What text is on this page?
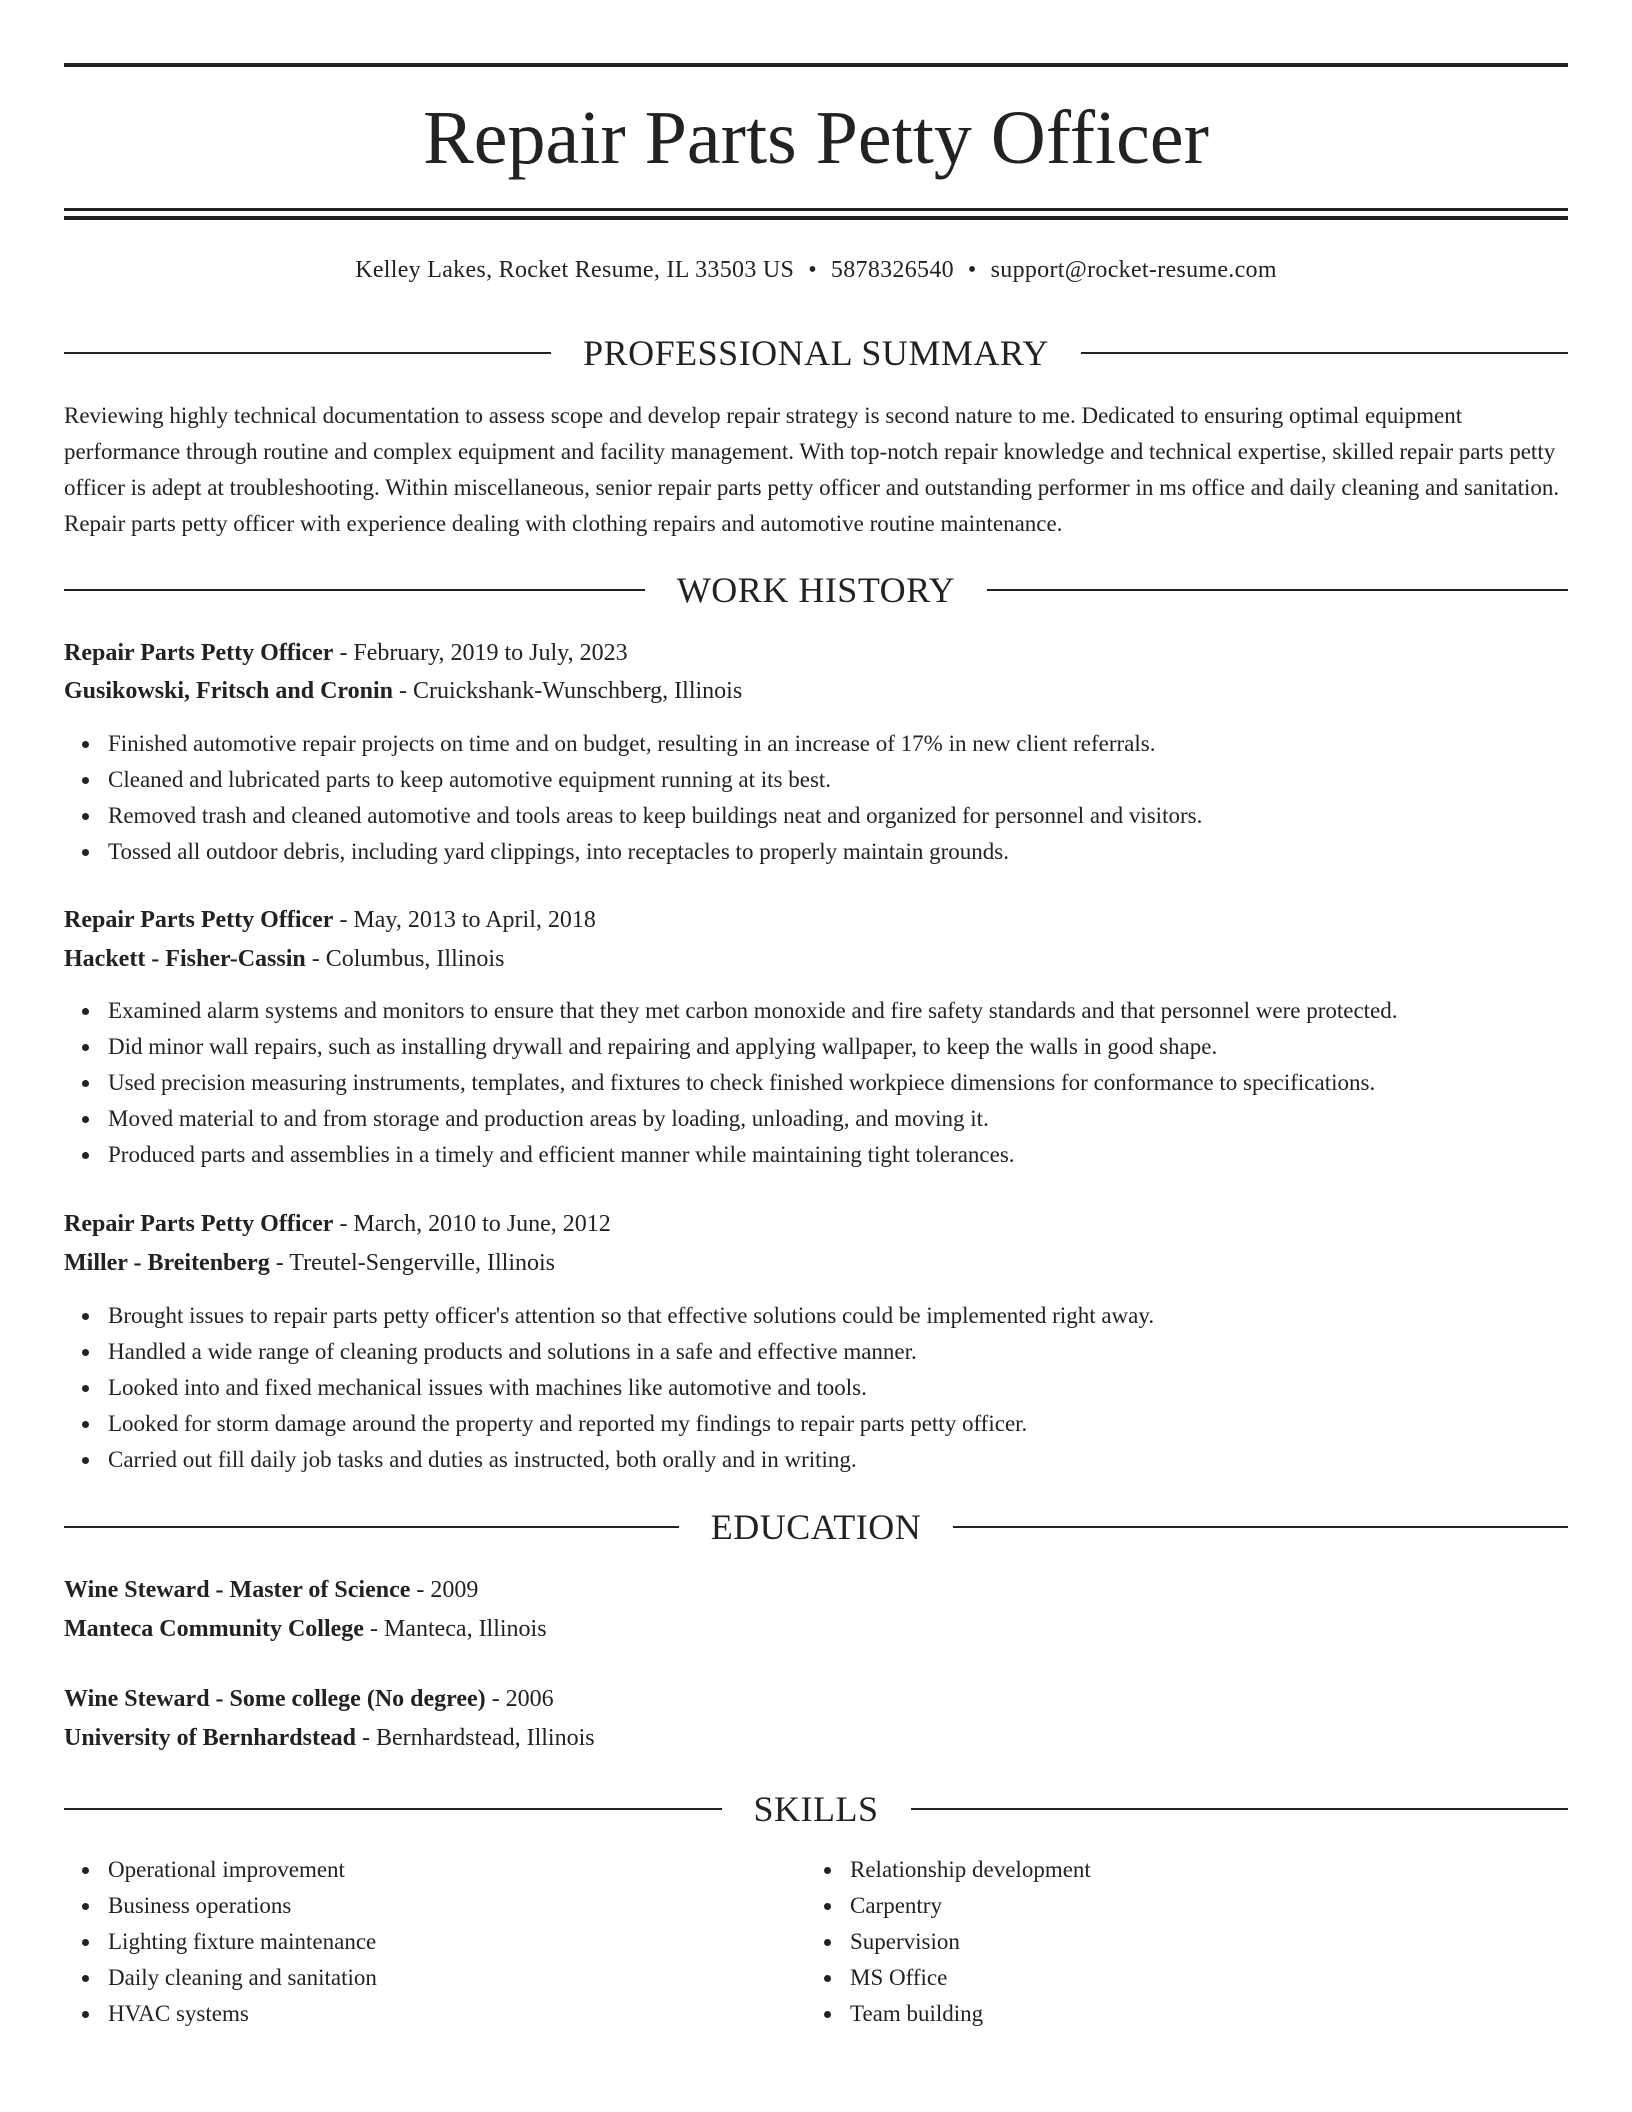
Repair Parts Petty Officer
Kelley Lakes, Rocket Resume, IL 33503 US • 5878326540 • support@rocket-resume.com
PROFESSIONAL SUMMARY

Reviewing highly technical documentation to assess scope and develop repair strategy is second nature to me. Dedicated to ensuring optimal equipment performance through routine and complex equipment and facility management. With top-notch repair knowledge and technical expertise, skilled repair parts petty officer is adept at troubleshooting. Within miscellaneous, senior repair parts petty officer and outstanding performer in ms office and daily cleaning and sanitation. Repair parts petty officer with experience dealing with clothing repairs and automotive routine maintenance.

WORK HISTORY
Repair Parts Petty Officer - February, 2019 to July, 2023
Gusikowski, Fritsch and Cronin - Cruickshank-Wunschberg, Illinois
Finished automotive repair projects on time and on budget, resulting in an increase of 17% in new client referrals.
Cleaned and lubricated parts to keep automotive equipment running at its best.
Removed trash and cleaned automotive and tools areas to keep buildings neat and organized for personnel and visitors.
Tossed all outdoor debris, including yard clippings, into receptacles to properly maintain grounds.
Repair Parts Petty Officer - May, 2013 to April, 2018
Hackett - Fisher-Cassin - Columbus, Illinois
Examined alarm systems and monitors to ensure that they met carbon monoxide and fire safety standards and that personnel were protected.
Did minor wall repairs, such as installing drywall and repairing and applying wallpaper, to keep the walls in good shape.
Used precision measuring instruments, templates, and fixtures to check finished workpiece dimensions for conformance to specifications.
Moved material to and from storage and production areas by loading, unloading, and moving it.
Produced parts and assemblies in a timely and efficient manner while maintaining tight tolerances.
Repair Parts Petty Officer - March, 2010 to June, 2012
Miller - Breitenberg - Treutel-Sengerville, Illinois
Brought issues to repair parts petty officer's attention so that effective solutions could be implemented right away.
Handled a wide range of cleaning products and solutions in a safe and effective manner.
Looked into and fixed mechanical issues with machines like automotive and tools.
Looked for storm damage around the property and reported my findings to repair parts petty officer.
Carried out fill daily job tasks and duties as instructed, both orally and in writing.
EDUCATION
Wine Steward - Master of Science - 2009
Manteca Community College - Manteca, Illinois
Wine Steward - Some college (No degree) - 2006
University of Bernhardstead - Bernhardstead, Illinois
SKILLS
Operational improvement
Business operations
Lighting fixture maintenance
Daily cleaning and sanitation
HVAC systems
Relationship development
Carpentry
Supervision
MS Office
Team building
